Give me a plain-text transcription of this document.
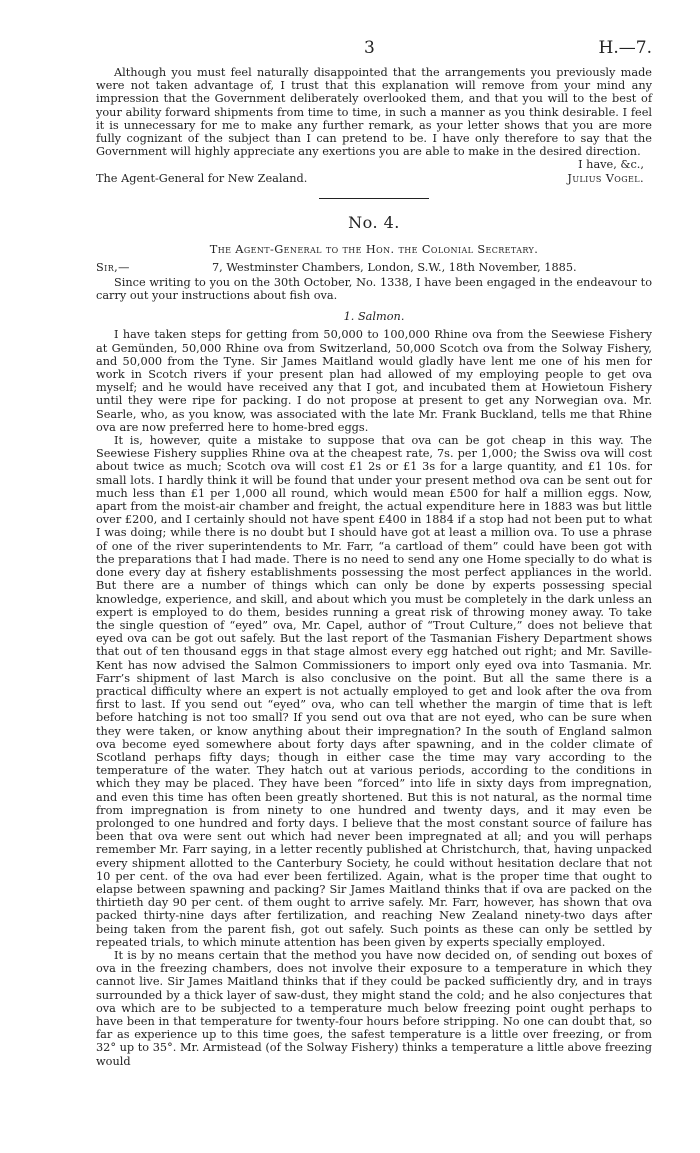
3	H.—7.

Although you must feel naturally disappointed that the arrangements you previously made were not taken advantage of, I trust that this explanation will remove from your mind any impression that the Government deliberately overlooked them, and that you will to the best of your ability forward shipments from time to time, in such a manner as you think desirable. I feel it is unnecessary for me to make any further remark, as your letter shows that you are more fully cognizant of the subject than I can pretend to be. I have only therefore to say that the Government will highly appreciate any exertions you are able to make in the desired direction.

I have, &c.,
The Agent-General for New Zealand.	Julius Vogel.
No. 4.
The Agent-General to the Hon. the Colonial Secretary.
Sir,—	7, Westminster Chambers, London, S.W., 18th November, 1885.

Since writing to you on the 30th October, No. 1338, I have been engaged in the endeavour to carry out your instructions about fish ova.

1. Salmon.

I have taken steps for getting from 50,000 to 100,000 Rhine ova from the Seewiese Fishery at Gemünden, 50,000 Rhine ova from Switzerland, 50,000 Scotch ova from the Solway Fishery, and 50,000 from the Tyne. Sir James Maitland would gladly have lent me one of his men for work in Scotch rivers if your present plan had allowed of my employing people to get ova myself; and he would have received any that I got, and incubated them at Howietoun Fishery until they were ripe for packing. I do not propose at present to get any Norwegian ova. Mr. Searle, who, as you know, was associated with the late Mr. Frank Buckland, tells me that Rhine ova are now preferred here to home-bred eggs.

It is, however, quite a mistake to suppose that ova can be got cheap in this way. The Seewiese Fishery supplies Rhine ova at the cheapest rate, 7s. per 1,000; the Swiss ova will cost about twice as much; Scotch ova will cost £1 2s or £1 3s for a large quantity, and £1 10s. for small lots. I hardly think it will be found that under your present method ova can be sent out for much less than £1 per 1,000 all round, which would mean £500 for half a million eggs. Now, apart from the moist-air chamber and freight, the actual expenditure here in 1883 was but little over £200, and I certainly should not have spent £400 in 1884 if a stop had not been put to what I was doing; while there is no doubt but I should have got at least a million ova. To use a phrase of one of the river superintendents to Mr. Farr, “a cartload of them” could have been got with the preparations that I had made. There is no need to send any one Home specially to do what is done every day at fishery establishments possessing the most perfect appliances in the world. But there are a number of things which can only be done by experts possessing special knowledge, experience, and skill, and about which you must be completely in the dark unless an expert is employed to do them, besides running a great risk of throwing money away. To take the single question of “eyed” ova, Mr. Capel, author of “Trout Culture,” does not believe that eyed ova can be got out safely. But the last report of the Tasmanian Fishery Department shows that out of ten thousand eggs in that stage almost every egg hatched out right; and Mr. Saville-Kent has now advised the Salmon Commissioners to import only eyed ova into Tasmania. Mr. Farr’s shipment of last March is also conclusive on the point. But all the same there is a practical difficulty where an expert is not actually employed to get and look after the ova from first to last. If you send out “eyed” ova, who can tell whether the margin of time that is left before hatching is not too small? If you send out ova that are not eyed, who can be sure when they were taken, or know anything about their impregnation? In the south of England salmon ova become eyed somewhere about forty days after spawning, and in the colder climate of Scotland perhaps fifty days; though in either case the time may vary according to the temperature of the water. They hatch out at various periods, according to the conditions in which they may be placed. They have been “forced” into life in sixty days from impregnation, and even this time has often been greatly shortened. But this is not natural, as the normal time from impregnation is from ninety to one hundred and twenty days, and it may even be prolonged to one hundred and forty days. I believe that the most constant source of failure has been that ova were sent out which had never been impregnated at all; and you will perhaps remember Mr. Farr saying, in a letter recently published at Christchurch, that, having unpacked every shipment allotted to the Canterbury Society, he could without hesitation declare that not 10 per cent. of the ova had ever been fertilized. Again, what is the proper time that ought to elapse between spawning and packing? Sir James Maitland thinks that if ova are packed on the thirtieth day 90 per cent. of them ought to arrive safely. Mr. Farr, however, has shown that ova packed thirty-nine days after fertilization, and reaching New Zealand ninety-two days after being taken from the parent fish, got out safely. Such points as these can only be settled by repeated trials, to which minute attention has been given by experts specially employed.

It is by no means certain that the method you have now decided on, of sending out boxes of ova in the freezing chambers, does not involve their exposure to a temperature in which they cannot live. Sir James Maitland thinks that if they could be packed sufficiently dry, and in trays surrounded by a thick layer of saw-dust, they might stand the cold; and he also conjectures that ova which are to be subjected to a temperature much below freezing point ought perhaps to have been in that temperature for twenty-four hours before stripping. No one can doubt that, so far as experience up to this time goes, the safest temperature is a little over freezing, or from 32° up to 35°. Mr. Armistead (of the Solway Fishery) thinks a temperature a little above freezing would
